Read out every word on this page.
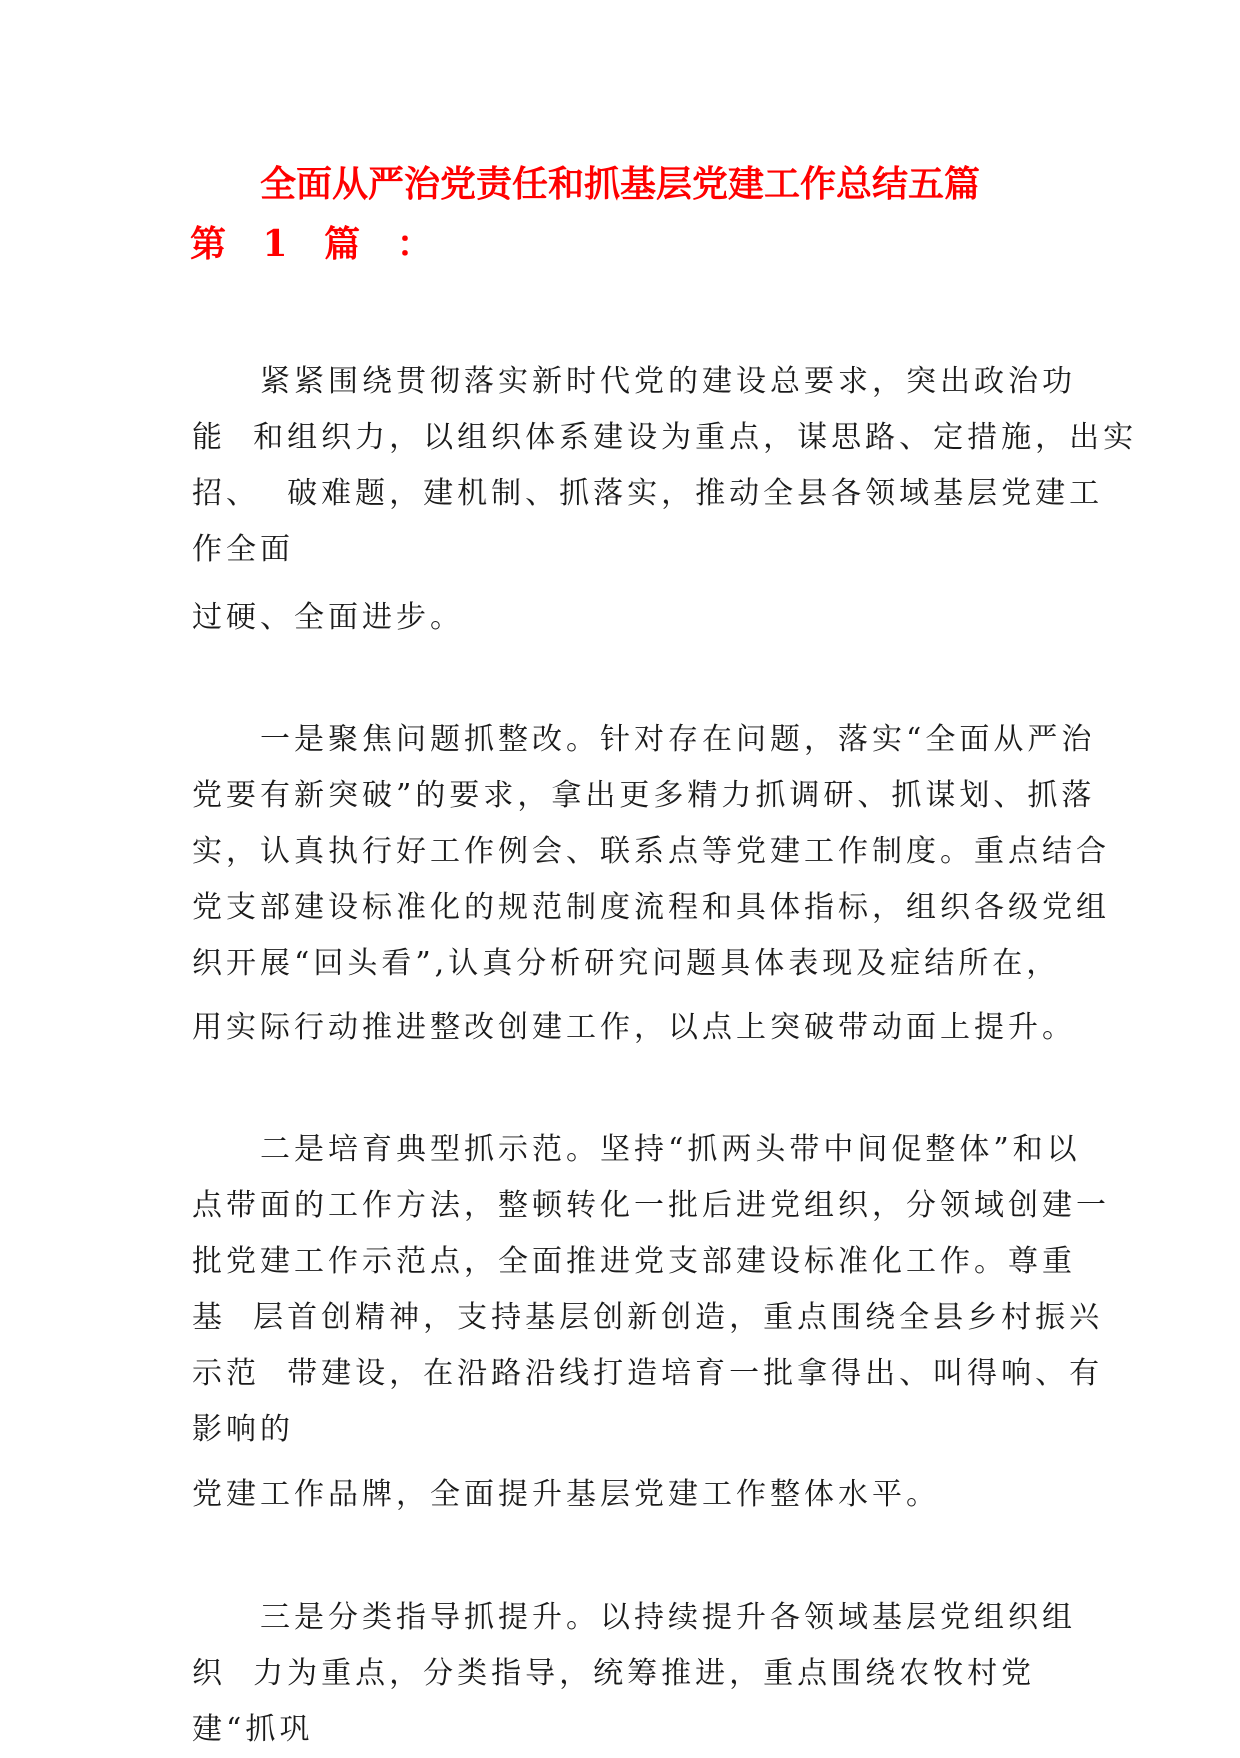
全面从严治党责任和抓基层党建工作总结五篇
第 1 篇 ：
　　紧紧围绕贯彻落实新时代党的建设总要求，突出政治功
能  和组织力，以组织体系建设为重点，谋思路、定措施，出实
招、  破难题，建机制、抓落实，推动全县各领域基层党建工
作全面
过硬、全面进步。
　　一是聚焦问题抓整改。针对存在问题，落实“全面从严治
党要有新突破”的要求，拿出更多精力抓调研、抓谋划、抓落
实，认真执行好工作例会、联系点等党建工作制度。重点结合
党支部建设标准化的规范制度流程和具体指标，组织各级党组
织开展“回头看”,认真分析研究问题具体表现及症结所在，
用实际行动推进整改创建工作，以点上突破带动面上提升。
　　二是培育典型抓示范。坚持“抓两头带中间促整体”和以
点带面的工作方法，整顿转化一批后进党组织，分领域创建一
批党建工作示范点，全面推进党支部建设标准化工作。尊重
基  层首创精神，支持基层创新创造，重点围绕全县乡村振兴
示范  带建设，在沿路沿线打造培育一批拿得出、叫得响、有
影响的
党建工作品牌，全面提升基层党建工作整体水平。
　　三是分类指导抓提升。以持续提升各领域基层党组织组
织  力为重点，分类指导，统筹推进，重点围绕农牧村党
建“抓巩
